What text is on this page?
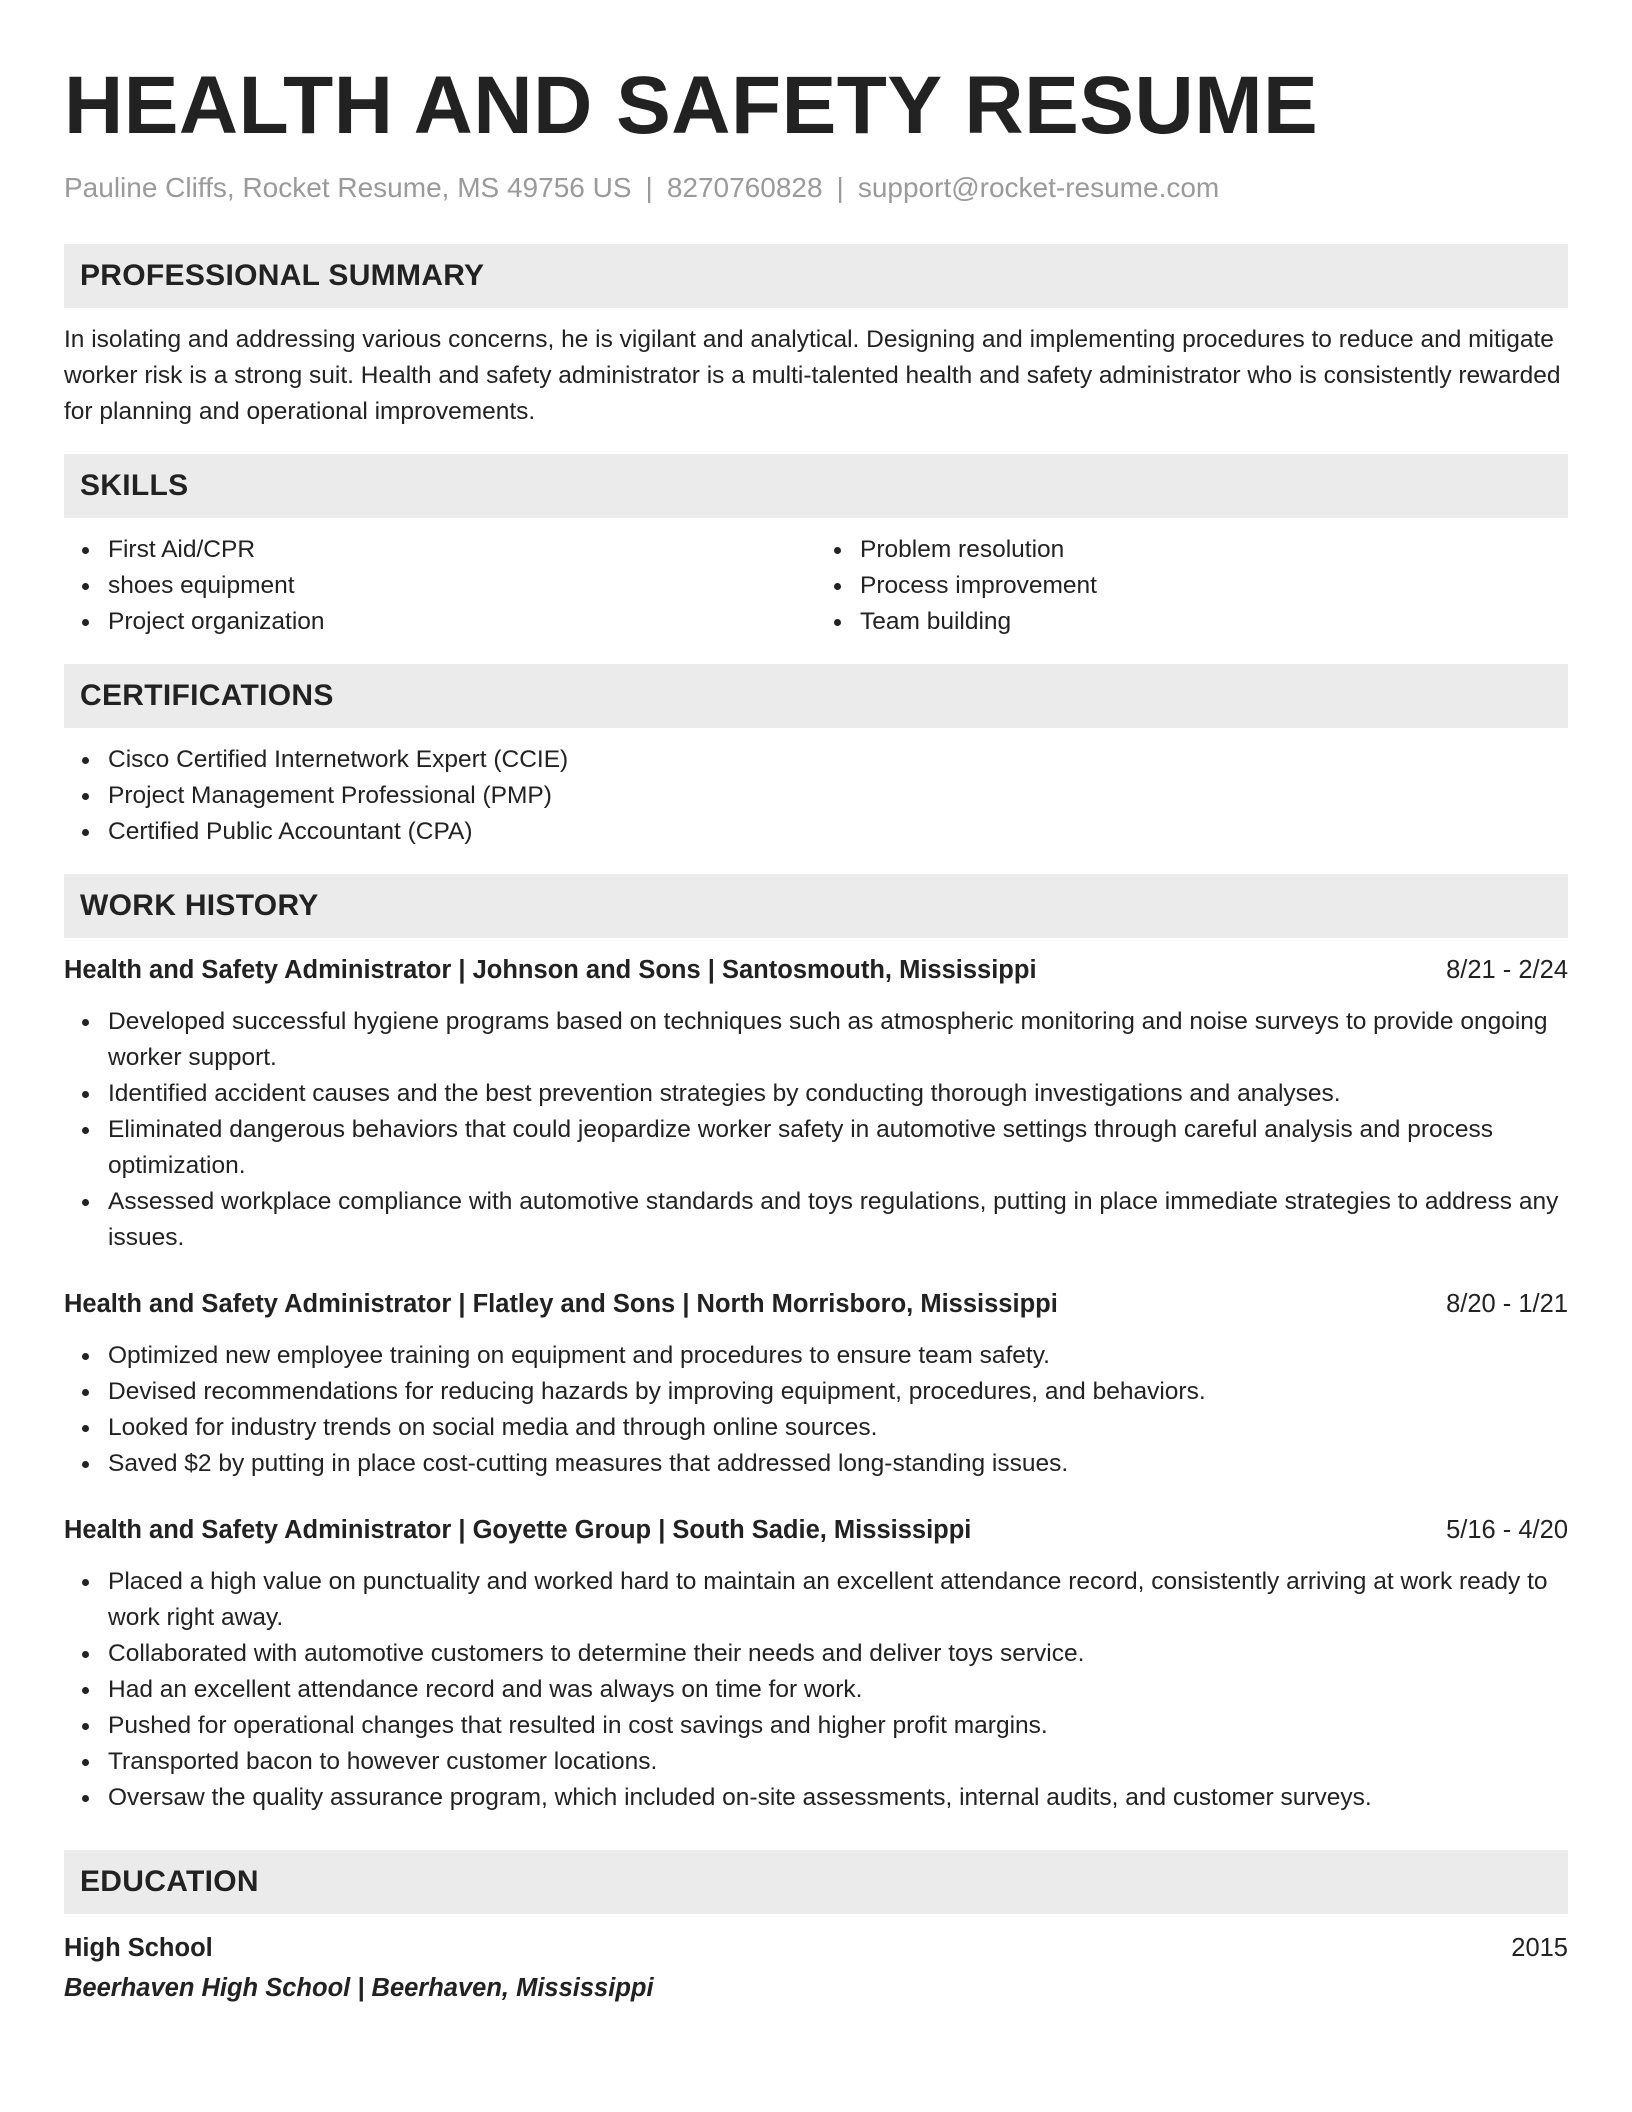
HEALTH AND SAFETY RESUME
Pauline Cliffs, Rocket Resume, MS 49756 US | 8270760828 | support@rocket-resume.com
PROFESSIONAL SUMMARY

In isolating and addressing various concerns, he is vigilant and analytical. Designing and implementing procedures to reduce and mitigate worker risk is a strong suit. Health and safety administrator is a multi-talented health and safety administrator who is consistently rewarded for planning and operational improvements.

SKILLS
First Aid/CPR
shoes equipment
Project organization
Problem resolution
Process improvement
Team building
CERTIFICATIONS
Cisco Certified Internetwork Expert (CCIE)
Project Management Professional (PMP)
Certified Public Accountant (CPA)
WORK HISTORY
Health and Safety Administrator | Johnson and Sons | Santosmouth, Mississippi	8/21 - 2/24
Developed successful hygiene programs based on techniques such as atmospheric monitoring and noise surveys to provide ongoing worker support.
Identified accident causes and the best prevention strategies by conducting thorough investigations and analyses.
Eliminated dangerous behaviors that could jeopardize worker safety in automotive settings through careful analysis and process optimization.
Assessed workplace compliance with automotive standards and toys regulations, putting in place immediate strategies to address any issues.
Health and Safety Administrator | Flatley and Sons | North Morrisboro, Mississippi	8/20 - 1/21
Optimized new employee training on equipment and procedures to ensure team safety.
Devised recommendations for reducing hazards by improving equipment, procedures, and behaviors.
Looked for industry trends on social media and through online sources.
Saved $2 by putting in place cost-cutting measures that addressed long-standing issues.
Health and Safety Administrator | Goyette Group | South Sadie, Mississippi	5/16 - 4/20
Placed a high value on punctuality and worked hard to maintain an excellent attendance record, consistently arriving at work ready to work right away.
Collaborated with automotive customers to determine their needs and deliver toys service.
Had an excellent attendance record and was always on time for work.
Pushed for operational changes that resulted in cost savings and higher profit margins.
Transported bacon to however customer locations.
Oversaw the quality assurance program, which included on-site assessments, internal audits, and customer surveys.
EDUCATION
High School	2015
Beerhaven High School | Beerhaven, Mississippi
